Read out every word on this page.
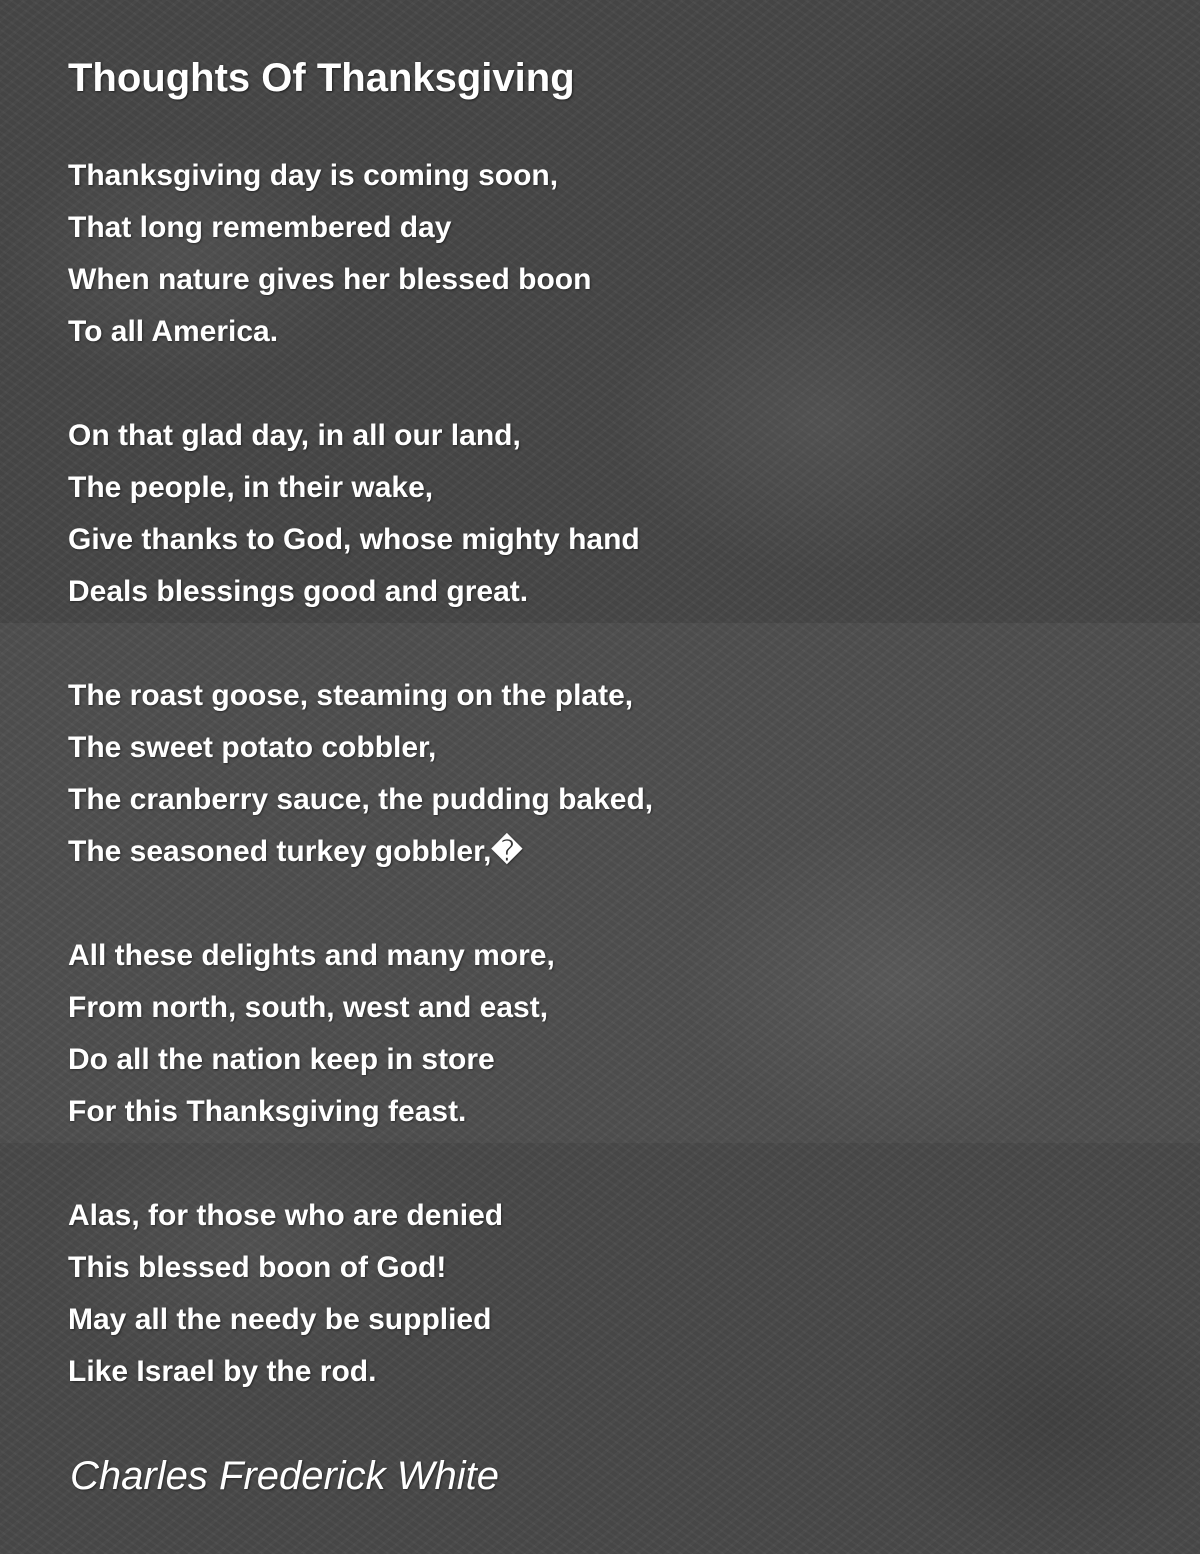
Thoughts Of Thanksgiving
Thanksgiving day is coming soon,
That long remembered day
When nature gives her blessed boon
To all America.
On that glad day, in all our land,
The people, in their wake,
Give thanks to God, whose mighty hand
Deals blessings good and great.
The roast goose, steaming on the plate,
The sweet potato cobbler,
The cranberry sauce, the pudding baked,
The seasoned turkey gobbler,�
All these delights and many more,
From north, south, west and east,
Do all the nation keep in store
For this Thanksgiving feast.
Alas, for those who are denied
This blessed boon of God!
May all the needy be supplied
Like Israel by the rod.
Charles Frederick White
